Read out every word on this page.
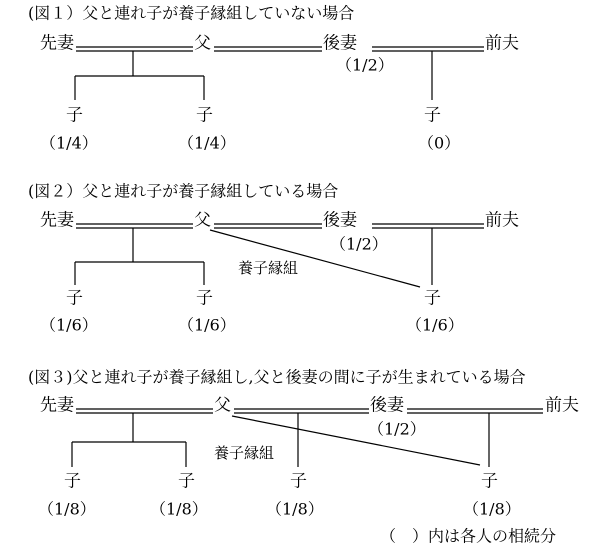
(図１）父と連れ子が養子縁組していない場合
先妻	父	後妻	前夫
（1/2）
子	子	子
（1/4）	（1/4）	（0）
(図２）父と連れ子が養子縁組している場合
先妻	父	後妻	前夫
（1/2）
養子縁組
子	子	子
（1/6）	（1/6）	（1/6）
(図３)父と連れ子が養子縁組し,父と後妻の間に子が生まれている場合
先妻	父	後妻	前夫
（1/2）
養子縁組
子	子	子	子
（1/8）	（1/8）	（1/8）	（1/8）
（　）内は各人の相続分
